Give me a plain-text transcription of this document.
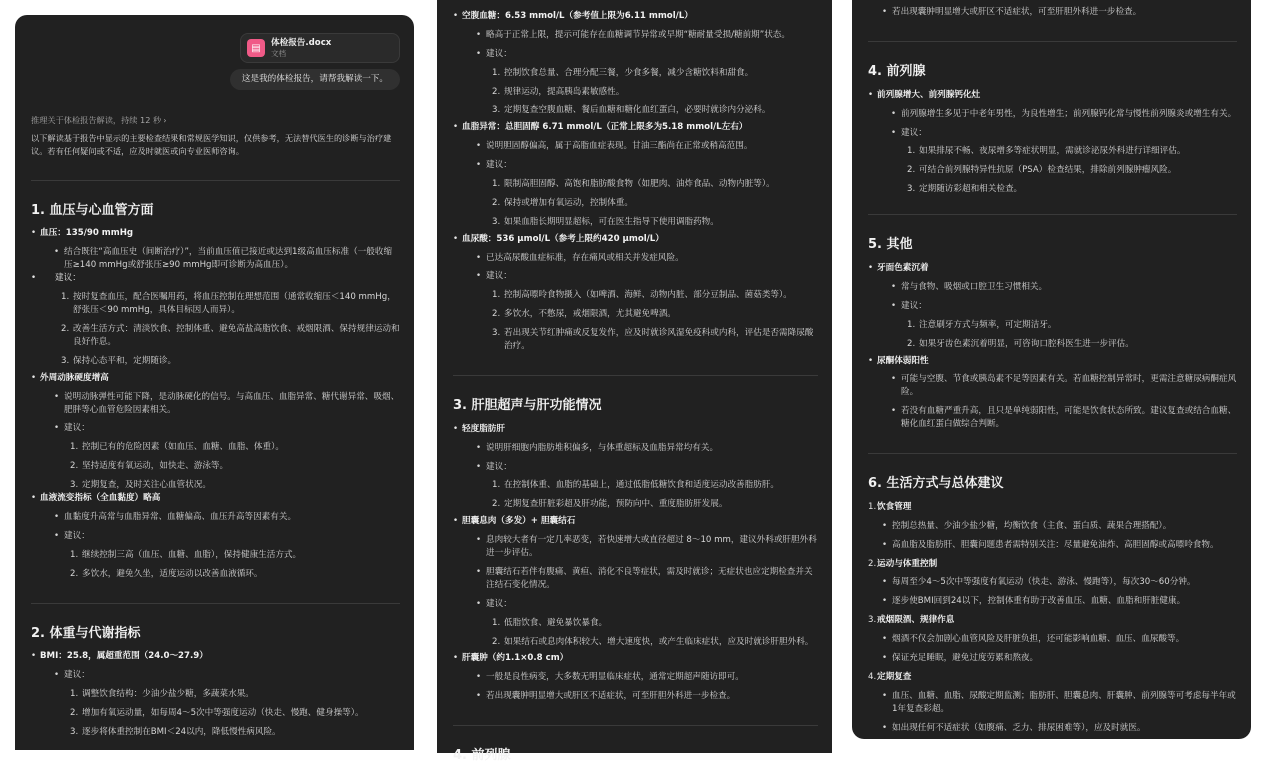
▤	体检报告.docx
文档
这是我的体检报告，请帮我解读一下。
推理关于体检报告解读，持续 12 秒 ›
以下解读基于报告中显示的主要检查结果和常规医学知识，仅供参考，无法替代医生的诊断与治疗建议。若有任何疑问或不适，应及时就医或向专业医师咨询。
1. 血压与心血管方面
• 血压：135/90 mmHg
• 结合既往“高血压史（间断治疗）”，当前血压值已接近或达到1级高血压标准（一般收缩压≥140 mmHg或舒张压≥90 mmHg即可诊断为高血压）。
• 建议：
1. 按时复查血压，配合医嘱用药，将血压控制在理想范围（通常收缩压＜140 mmHg，舒张压＜90 mmHg，具体目标因人而异）。
2. 改善生活方式：清淡饮食、控制体重、避免高盐高脂饮食、戒烟限酒、保持规律运动和良好作息。
3. 保持心态平和，定期随诊。
• 外周动脉硬度增高
• 说明动脉弹性可能下降，是动脉硬化的信号。与高血压、血脂异常、糖代谢异常、吸烟、肥胖等心血管危险因素相关。
• 建议：
1. 控制已有的危险因素（如血压、血糖、血脂、体重）。
2. 坚持适度有氧运动，如快走、游泳等。
3. 定期复查，及时关注心血管状况。
• 血液流变指标（全血黏度）略高
• 血黏度升高常与血脂异常、血糖偏高、血压升高等因素有关。
• 建议：
1. 继续控制三高（血压、血糖、血脂），保持健康生活方式。
2. 多饮水，避免久坐，适度运动以改善血液循环。
2. 体重与代谢指标
• BMI：25.8，属超重范围（24.0～27.9）
• 建议：
1. 调整饮食结构：少油少盐少糖，多蔬菜水果。
2. 增加有氧运动量，如每周4～5次中等强度运动（快走、慢跑、健身操等）。
3. 逐步将体重控制在BMI＜24以内，降低慢性病风险。
• 空腹血糖：6.53 mmol/L（参考值上限为6.11 mmol/L）
• 略高于正常上限，提示可能存在血糖调节异常或早期“糖耐量受损/糖前期”状态。
• 建议：
1. 控制饮食总量、合理分配三餐，少食多餐，减少含糖饮料和甜食。
2. 规律运动，提高胰岛素敏感性。
3. 定期复查空腹血糖、餐后血糖和糖化血红蛋白，必要时就诊内分泌科。
• 血脂异常：总胆固醇 6.71 mmol/L（正常上限多为5.18 mmol/L左右）
• 说明胆固醇偏高，属于高脂血症表现。甘油三酯尚在正常或稍高范围。
• 建议：
1. 限制高胆固醇、高饱和脂肪酸食物（如肥肉、油炸食品、动物内脏等）。
2. 保持或增加有氧运动，控制体重。
3. 如果血脂长期明显超标，可在医生指导下使用调脂药物。
• 血尿酸：536 μmol/L（参考上限约420 μmol/L）
• 已达高尿酸血症标准，存在痛风或相关并发症风险。
• 建议：
1. 控制高嘌呤食物摄入（如啤酒、海鲜、动物内脏、部分豆制品、菌菇类等）。
2. 多饮水，不憋尿，戒烟限酒，尤其避免啤酒。
3. 若出现关节红肿痛或反复发作，应及时就诊风湿免疫科或内科，评估是否需降尿酸治疗。
3. 肝胆超声与肝功能情况
• 轻度脂肪肝
• 说明肝细胞内脂肪堆积偏多，与体重超标及血脂异常均有关。
• 建议：
1. 在控制体重、血脂的基础上，通过低脂低糖饮食和适度运动改善脂肪肝。
2. 定期复查肝脏彩超及肝功能，预防向中、重度脂肪肝发展。
• 胆囊息肉（多发）+ 胆囊结石
• 息肉较大者有一定几率恶变，若快速增大或直径超过 8～10 mm，建议外科或肝胆外科进一步评估。
• 胆囊结石若伴有腹痛、黄疸、消化不良等症状，需及时就诊；无症状也应定期检查并关注结石变化情况。
• 建议：
1. 低脂饮食、避免暴饮暴食。
2. 如果结石或息肉体积较大、增大速度快，或产生临床症状，应及时就诊肝胆外科。
• 肝囊肿（约1.1×0.8 cm）
• 一般是良性病变，大多数无明显临床症状，通常定期超声随访即可。
• 若出现囊肿明显增大或肝区不适症状，可至肝胆外科进一步检查。
4. 前列腺
• 若出现囊肿明显增大或肝区不适症状，可至肝胆外科进一步检查。
4. 前列腺
• 前列腺增大、前列腺钙化灶
• 前列腺增生多见于中老年男性，为良性增生；前列腺钙化常与慢性前列腺炎或增生有关。
• 建议：
1. 如果排尿不畅、夜尿增多等症状明显，需就诊泌尿外科进行详细评估。
2. 可结合前列腺特异性抗原（PSA）检查结果，排除前列腺肿瘤风险。
3. 定期随访彩超和相关检查。
5. 其他
• 牙面色素沉着
• 常与食物、吸烟或口腔卫生习惯相关。
• 建议：
1. 注意刷牙方式与频率，可定期洁牙。
2. 如果牙齿色素沉着明显，可咨询口腔科医生进一步评估。
• 尿酮体弱阳性
• 可能与空腹、节食或胰岛素不足等因素有关。若血糖控制异常时，更需注意糖尿病酮症风险。
• 若没有血糖严重升高，且只是单纯弱阳性，可能是饮食状态所致。建议复查或结合血糖、糖化血红蛋白做综合判断。
6. 生活方式与总体建议
1. 饮食管理
• 控制总热量、少油少盐少糖，均衡饮食（主食、蛋白质、蔬果合理搭配）。
• 高血脂及脂肪肝、胆囊问题患者需特别关注：尽量避免油炸、高胆固醇或高嘌呤食物。
2. 运动与体重控制
• 每周至少4～5次中等强度有氧运动（快走、游泳、慢跑等），每次30～60分钟。
• 逐步使BMI回到24以下，控制体重有助于改善血压、血糖、血脂和肝脏健康。
3. 戒烟限酒、规律作息
• 烟酒不仅会加剧心血管风险及肝脏负担，还可能影响血糖、血压、血尿酸等。
• 保证充足睡眠，避免过度劳累和熬夜。
4. 定期复查
• 血压、血糖、血脂、尿酸定期监测；脂肪肝、胆囊息肉、肝囊肿、前列腺等可考虑每半年或1年复查彩超。
• 如出现任何不适症状（如腹痛、乏力、排尿困难等），应及时就医。
